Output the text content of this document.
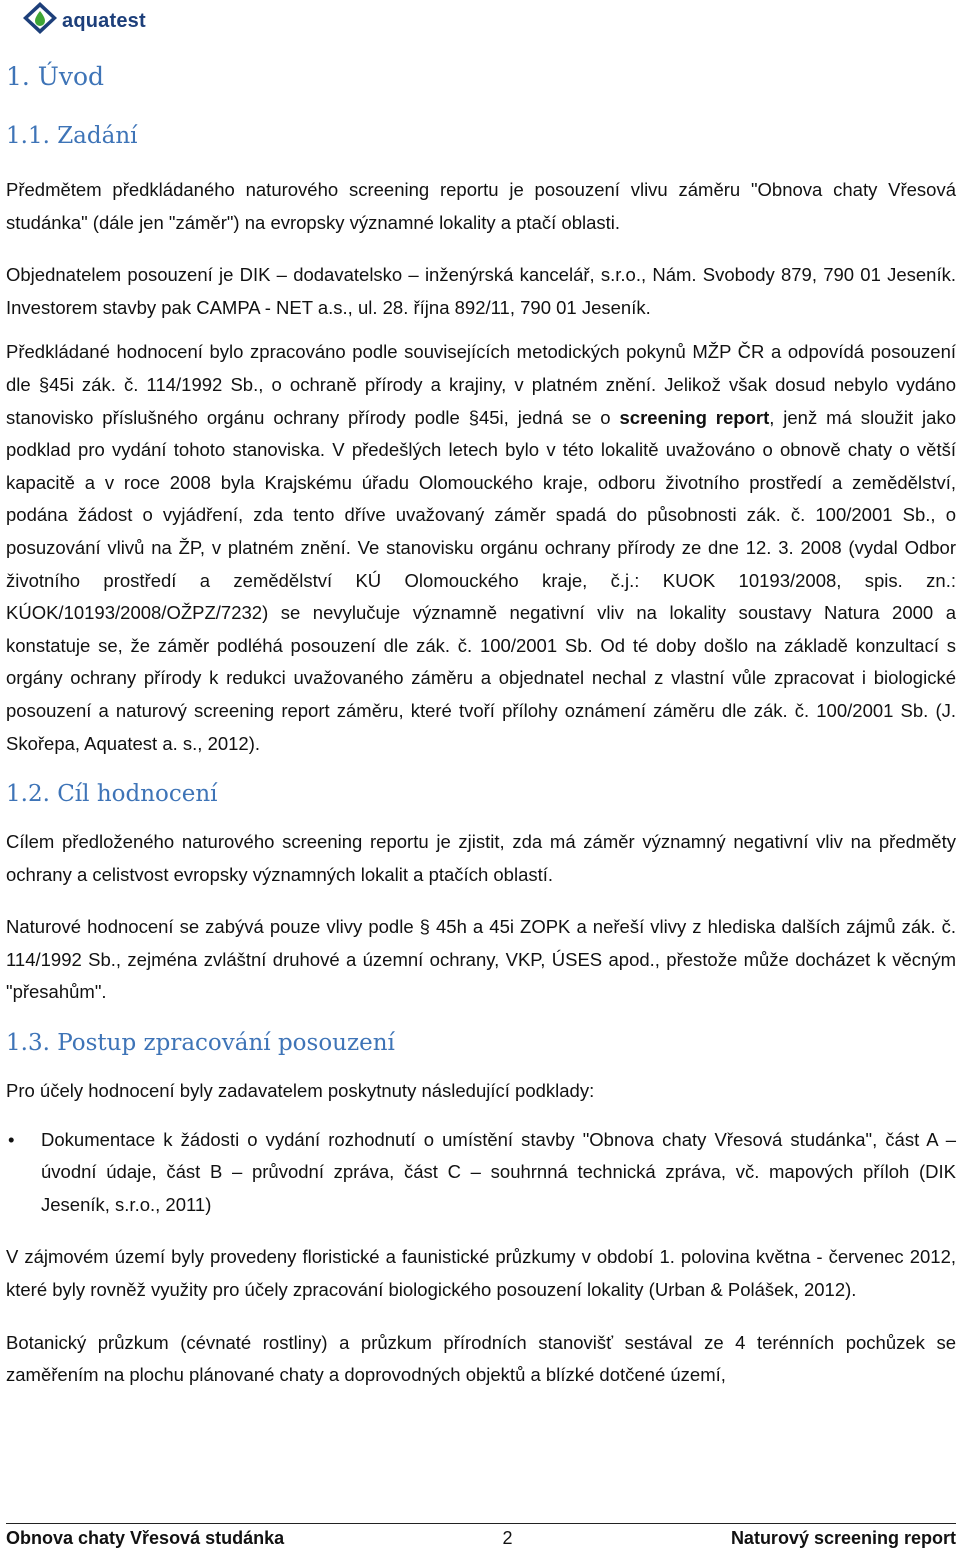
aquatest
1. Úvod
1.1. Zadání

Předmětem předkládaného naturového screening reportu je posouzení vlivu záměru "Obnova chaty Vřesová studánka" (dále jen "záměr") na evropsky významné lokality a ptačí oblasti.

Objednatelem posouzení je DIK – dodavatelsko – inženýrská kancelář, s.r.o., Nám. Svobody 879, 790 01 Jeseník. Investorem stavby pak CAMPA - NET a.s., ul. 28. října 892/11, 790 01 Jeseník.

Předkládané hodnocení bylo zpracováno podle souvisejících metodických pokynů MŽP ČR a odpovídá posouzení dle §45i zák. č. 114/1992 Sb., o ochraně přírody a krajiny, v platném znění. Jelikož však dosud nebylo vydáno stanovisko příslušného orgánu ochrany přírody podle §45i, jedná se o screening report, jenž má sloužit jako podklad pro vydání tohoto stanoviska. V předešlých letech bylo v této lokalitě uvažováno o obnově chaty o větší kapacitě a v roce 2008 byla Krajskému úřadu Olomouckého kraje, odboru životního prostředí a zemědělství, podána žádost o vyjádření, zda tento dříve uvažovaný záměr spadá do působnosti zák. č. 100/2001 Sb., o posuzování vlivů na ŽP, v platném znění. Ve stanovisku orgánu ochrany přírody ze dne 12. 3. 2008 (vydal Odbor životního prostředí a zemědělství KÚ Olomouckého kraje, č.j.: KUOK 10193/2008, spis. zn.: KÚOK/10193/2008/OŽPZ/7232) se nevylučuje významně negativní vliv na lokality soustavy Natura 2000 a konstatuje se, že záměr podléhá posouzení dle zák. č. 100/2001 Sb. Od té doby došlo na základě konzultací s orgány ochrany přírody k redukci uvažovaného záměru a objednatel nechal z vlastní vůle zpracovat i biologické posouzení a naturový screening report záměru, které tvoří přílohy oznámení záměru dle zák. č. 100/2001 Sb. (J. Skořepa, Aquatest a. s., 2012).

1.2. Cíl hodnocení

Cílem předloženého naturového screening reportu je zjistit, zda má záměr významný negativní vliv na předměty ochrany a celistvost evropsky významných lokalit a ptačích oblastí.

Naturové hodnocení se zabývá pouze vlivy podle § 45h a 45i ZOPK a neřeší vlivy z hlediska dalších zájmů zák. č. 114/1992 Sb., zejména zvláštní druhové a územní ochrany, VKP, ÚSES apod., přestože může docházet k věcným "přesahům".

1.3. Postup zpracování posouzení

Pro účely hodnocení byly zadavatelem poskytnuty následující podklady:

• Dokumentace k žádosti o vydání rozhodnutí o umístění stavby "Obnova chaty Vřesová studánka", část A – úvodní údaje, část B – průvodní zpráva, část C – souhrnná technická zpráva, vč. mapových příloh (DIK Jeseník, s.r.o., 2011)

V zájmovém území byly provedeny floristické a faunistické průzkumy v období 1. polovina května - červenec 2012, které byly rovněž využity pro účely zpracování biologického posouzení lokality (Urban & Polášek, 2012).

Botanický průzkum (cévnaté rostliny) a průzkum přírodních stanovišť sestával ze 4 terénních pochůzek se zaměřením na plochu plánované chaty a doprovodných objektů a blízké dotčené území,

Obnova chaty Vřesová studánka	2	Naturový screening report
